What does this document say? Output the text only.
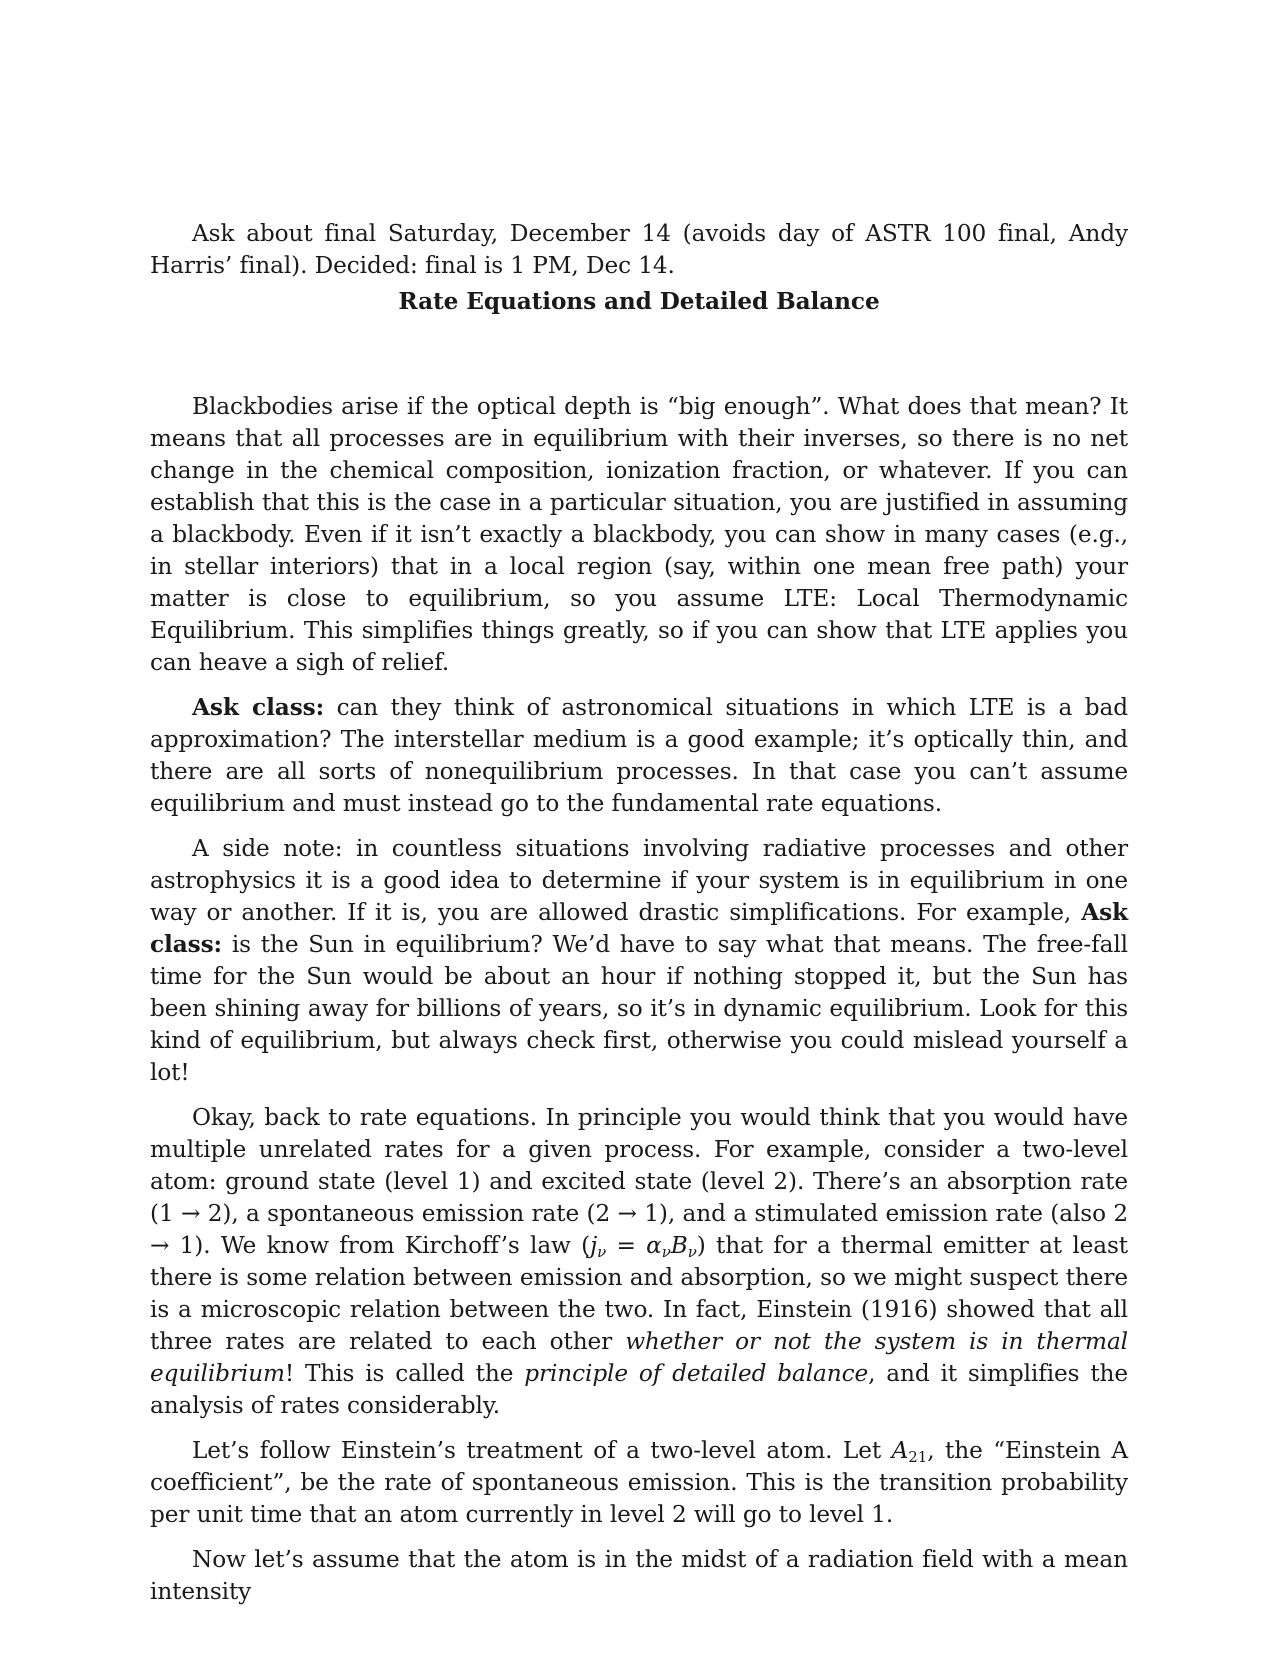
Ask about final Saturday, December 14 (avoids day of ASTR 100 final, Andy Harris’ final). Decided: final is 1 PM, Dec 14.

Rate Equations and Detailed Balance

Blackbodies arise if the optical depth is “big enough”. What does that mean? It means that all processes are in equilibrium with their inverses, so there is no net change in the chemical composition, ionization fraction, or whatever. If you can establish that this is the case in a particular situation, you are justified in assuming a blackbody. Even if it isn’t exactly a blackbody, you can show in many cases (e.g., in stellar interiors) that in a local region (say, within one mean free path) your matter is close to equilibrium, so you assume LTE: Local Thermodynamic Equilibrium. This simplifies things greatly, so if you can show that LTE applies you can heave a sigh of relief.

Ask class: can they think of astronomical situations in which LTE is a bad approximation? The interstellar medium is a good example; it’s optically thin, and there are all sorts of nonequilibrium processes. In that case you can’t assume equilibrium and must instead go to the fundamental rate equations.

A side note: in countless situations involving radiative processes and other astrophysics it is a good idea to determine if your system is in equilibrium in one way or another. If it is, you are allowed drastic simplifications. For example, Ask class: is the Sun in equilibrium? We’d have to say what that means. The free-fall time for the Sun would be about an hour if nothing stopped it, but the Sun has been shining away for billions of years, so it’s in dynamic equilibrium. Look for this kind of equilibrium, but always check first, otherwise you could mislead yourself a lot!

Okay, back to rate equations. In principle you would think that you would have multiple unrelated rates for a given process. For example, consider a two-level atom: ground state (level 1) and excited state (level 2). There’s an absorption rate (1 → 2), a spontaneous emission rate (2 → 1), and a stimulated emission rate (also 2 → 1). We know from Kirchoff’s law $(j_\nu = \alpha_\nu B_\nu)$ that for a thermal emitter at least there is some relation between emission and absorption, so we might suspect there is a microscopic relation between the two. In fact, Einstein (1916) showed that all three rates are related to each other whether or not the system is in thermal equilibrium! This is called the principle of detailed balance, and it simplifies the analysis of rates considerably.

Let’s follow Einstein’s treatment of a two-level atom. Let $A_{21}$, the “Einstein A coefficient”, be the rate of spontaneous emission. This is the transition probability per unit time that an atom currently in level 2 will go to level 1.

Now let’s assume that the atom is in the midst of a radiation field with a mean intensity
